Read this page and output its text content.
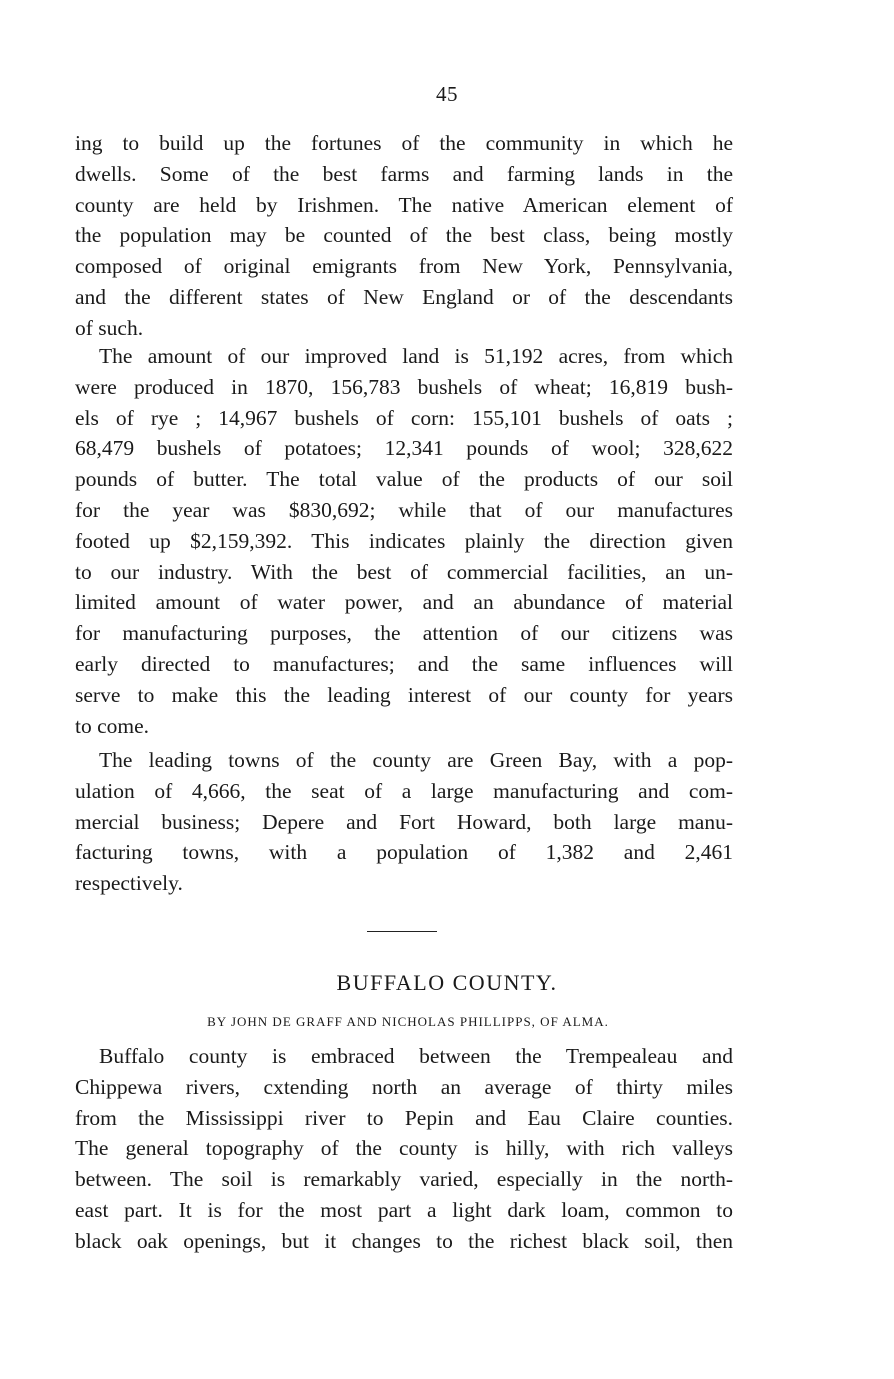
45
ing to build up the fortunes of the community in which he
dwells. Some of the best farms and farming lands in the
county are held by Irishmen. The native American element of
the population may be counted of the best class, being mostly
composed of original emigrants from New York, Pennsylvania,
and the different states of New England or of the descendants
of such.
The amount of our improved land is 51,192 acres, from which
were produced in 1870, 156,783 bushels of wheat; 16,819 bush-
els of rye ; 14,967 bushels of corn: 155,101 bushels of oats ;
68,479 bushels of potatoes; 12,341 pounds of wool; 328,622
pounds of butter. The total value of the products of our soil
for the year was $830,692; while that of our manufactures
footed up $2,159,392. This indicates plainly the direction given
to our industry. With the best of commercial facilities, an un-
limited amount of water power, and an abundance of material
for manufacturing purposes, the attention of our citizens was
early directed to manufactures; and the same influences will
serve to make this the leading interest of our county for years
to come.
The leading towns of the county are Green Bay, with a pop-
ulation of 4,666, the seat of a large manufacturing and com-
mercial business; Depere and Fort Howard, both large manu-
facturing towns, with a population of 1,382 and 2,461
respectively.
BUFFALO COUNTY.
BY JOHN DE GRAFF AND NICHOLAS PHILLIPPS, OF ALMA.
Buffalo county is embraced between the Trempealeau and
Chippewa rivers, cxtending north an average of thirty miles
from the Mississippi river to Pepin and Eau Claire counties.
The general topography of the county is hilly, with rich valleys
between. The soil is remarkably varied, especially in the north-
east part. It is for the most part a light dark loam, common to
black oak openings, but it changes to the richest black soil, then
